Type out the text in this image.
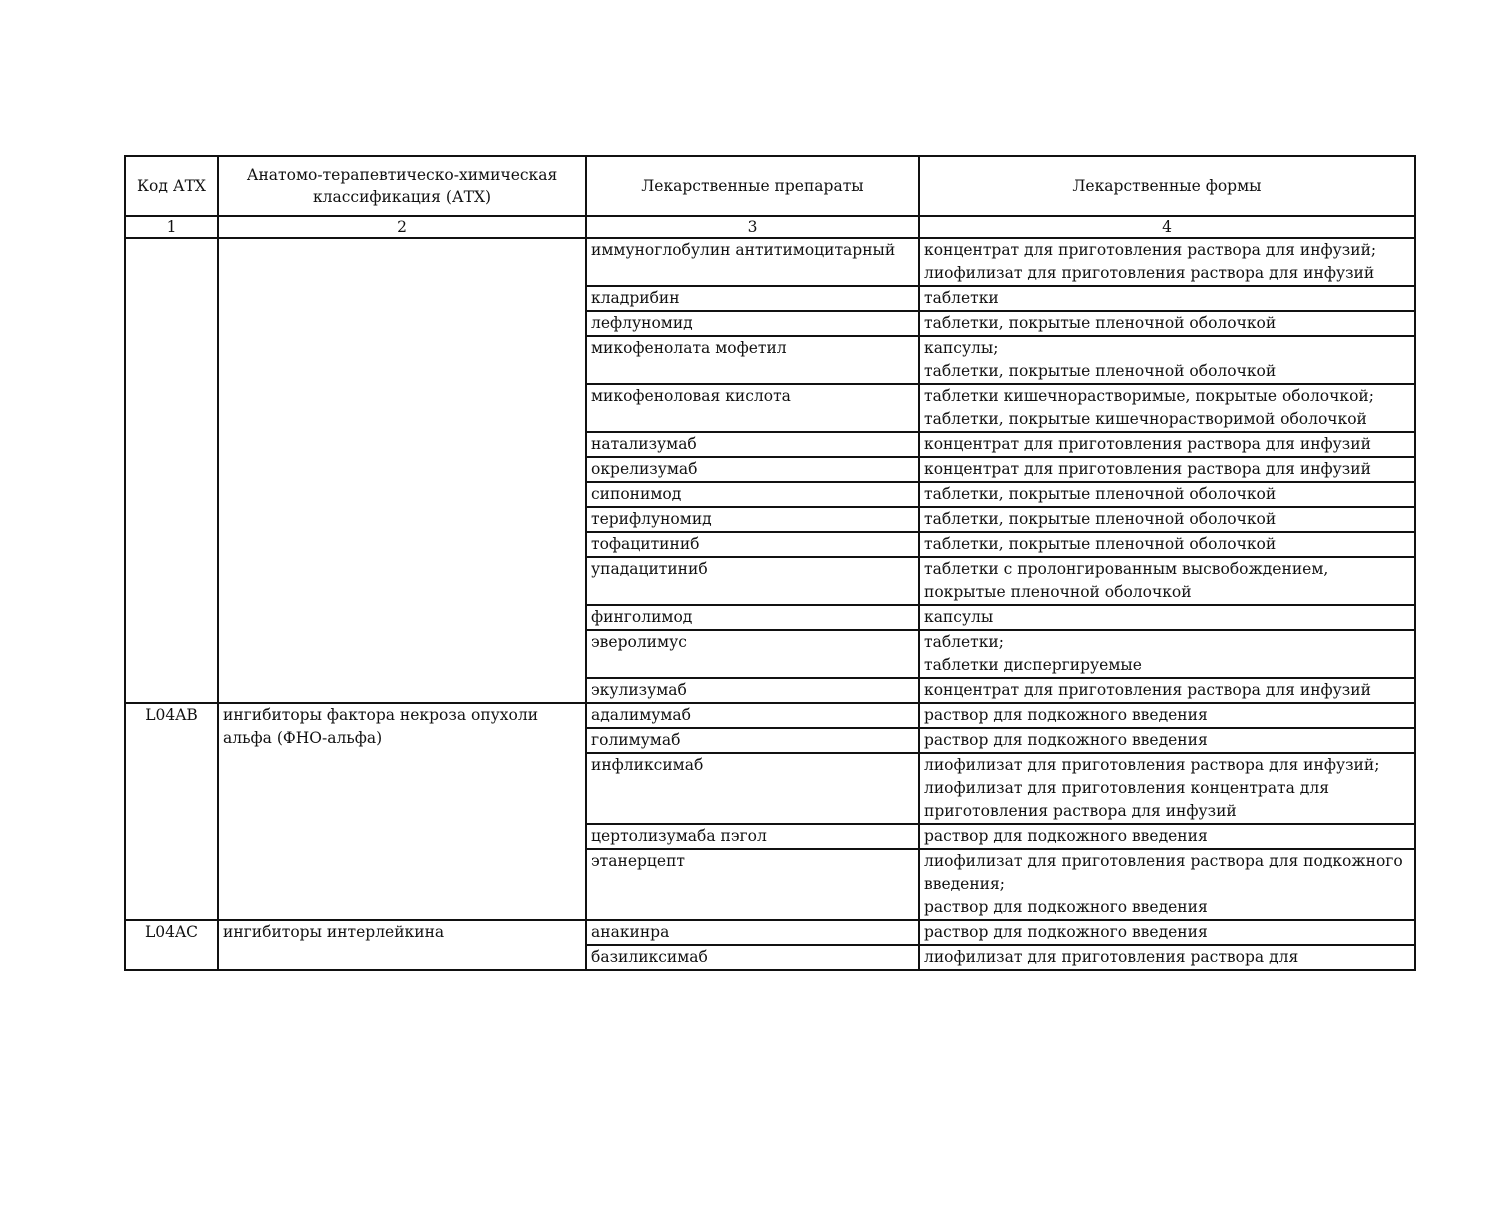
Код АТХ	Анатомо-терапевтическо-химическая классификация (АТХ)	Лекарственные препараты	Лекарственные формы
1	2	3	4
		иммуноглобулин антитимоцитарный	концентрат для приготовления раствора для инфузий;
лиофилизат для приготовления раствора для инфузий

		кладрибин	таблетки

		лефлуномид	таблетки, покрытые пленочной оболочкой

		микофенолата мофетил	капсулы;
таблетки, покрытые пленочной оболочкой

		микофеноловая кислота	таблетки кишечнорастворимые, покрытые оболочкой;
таблетки, покрытые кишечнорастворимой оболочкой

		натализумаб	концентрат для приготовления раствора для инфузий

		окрелизумаб	концентрат для приготовления раствора для инфузий

		сипонимод	таблетки, покрытые пленочной оболочкой

		терифлуномид	таблетки, покрытые пленочной оболочкой

		тофацитиниб	таблетки, покрытые пленочной оболочкой

		упадацитиниб	таблетки с пролонгированным высвобождением,
покрытые пленочной оболочкой

		финголимод	капсулы

		эверолимус	таблетки;
таблетки диспергируемые

		экулизумаб	концентрат для приготовления раствора для инфузий

L04AB	ингибиторы фактора некроза опухоли альфа (ФНО-альфа)	адалимумаб	раствор для подкожного введения

		голимумаб	раствор для подкожного введения

		инфликсимаб	лиофилизат для приготовления раствора для инфузий;
лиофилизат для приготовления концентрата для
приготовления раствора для инфузий

		цертолизумаба пэгол	раствор для подкожного введения

		этанерцепт	лиофилизат для приготовления раствора для подкожного
введения;
раствор для подкожного введения

L04AC	ингибиторы интерлейкина	анакинра	раствор для подкожного введения

		базиликсимаб	лиофилизат для приготовления раствора для
